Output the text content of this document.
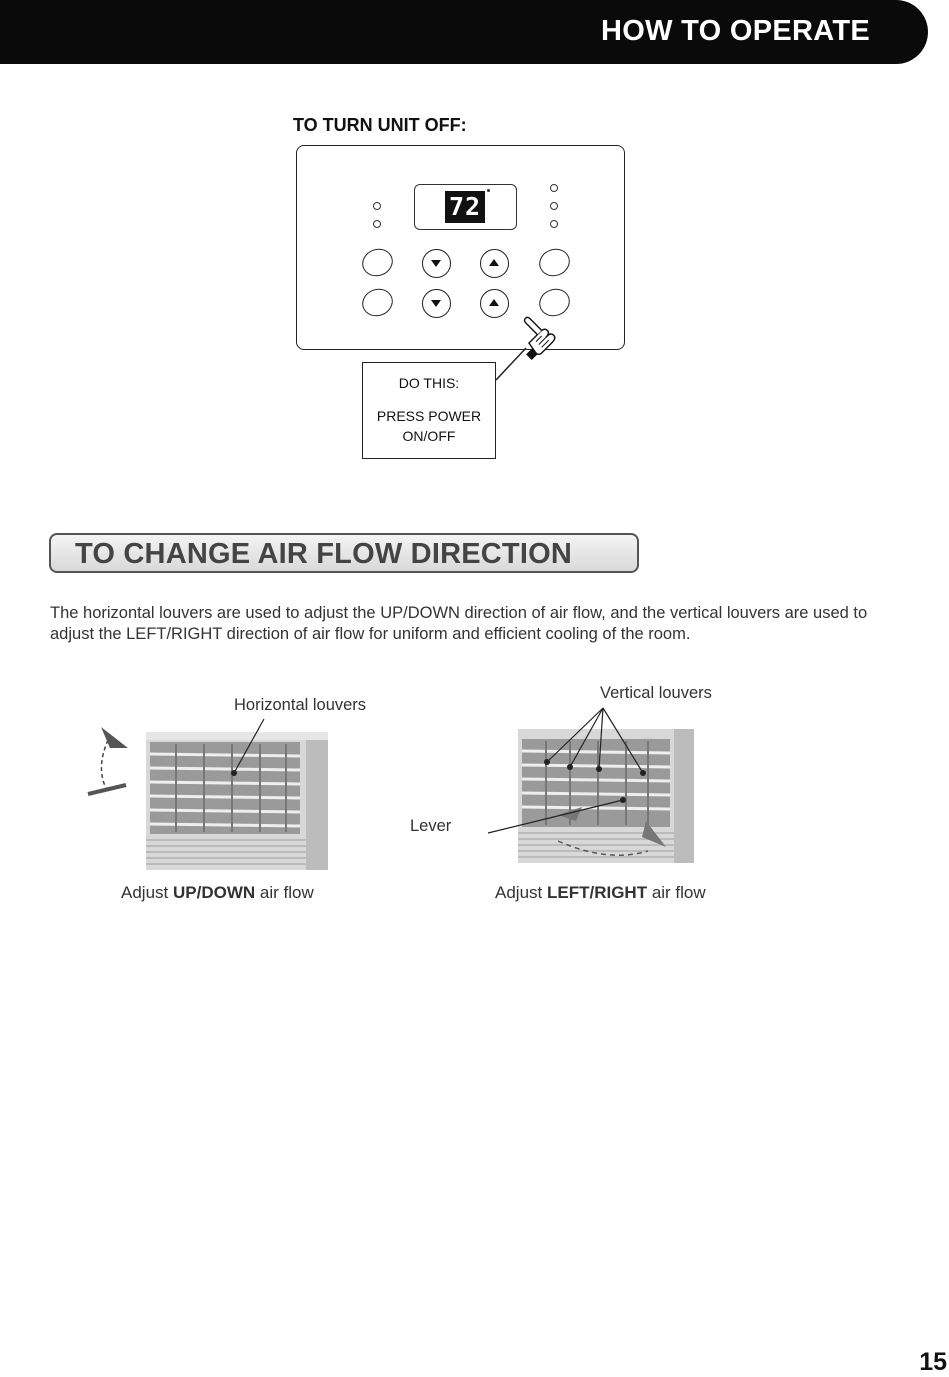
HOW TO OPERATE
TO TURN UNIT OFF:
72
DO THIS:
PRESS POWER ON/OFF
TO CHANGE AIR FLOW DIRECTION
The horizontal louvers are used to adjust the UP/DOWN direction of air flow, and the vertical louvers are used to adjust the LEFT/RIGHT direction of air flow for uniform and efficient cooling of the room.
Horizontal louvers
Vertical louvers
Lever
Adjust UP/DOWN air flow	Adjust LEFT/RIGHT air flow
15
